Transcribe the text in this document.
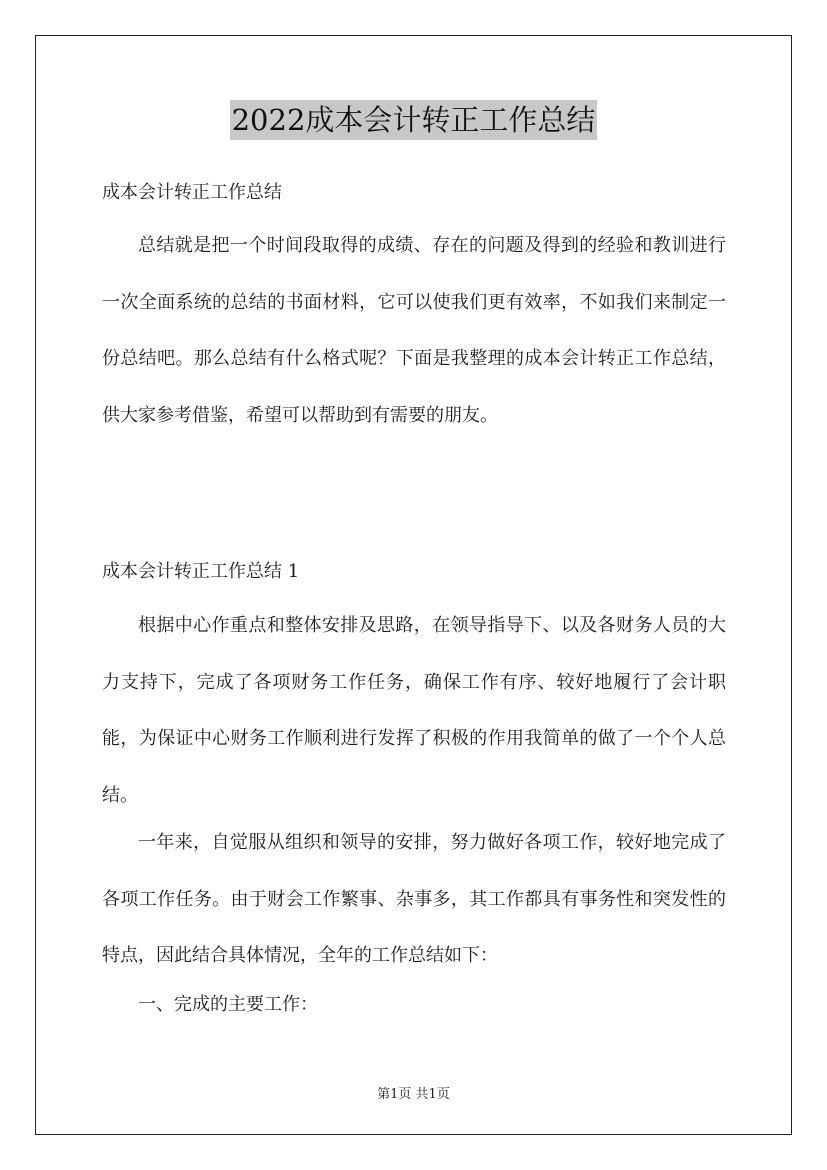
2022成本会计转正工作总结
成本会计转正工作总结

总结就是把一个时间段取得的成绩、存在的问题及得到的经验和教训进行一次全面系统的总结的书面材料，它可以使我们更有效率，不如我们来制定一份总结吧。那么总结有什么格式呢？下面是我整理的成本会计转正工作总结，供大家参考借鉴，希望可以帮助到有需要的朋友。

成本会计转正工作总结 1

根据中心作重点和整体安排及思路，在领导指导下、以及各财务人员的大力支持下，完成了各项财务工作任务，确保工作有序、较好地履行了会计职能，为保证中心财务工作顺利进行发挥了积极的作用我简单的做了一个个人总结。

一年来，自觉服从组织和领导的安排，努力做好各项工作，较好地完成了各项工作任务。由于财会工作繁事、杂事多，其工作都具有事务性和突发性的特点，因此结合具体情况，全年的工作总结如下：

一、完成的主要工作：

第1页 共1页
